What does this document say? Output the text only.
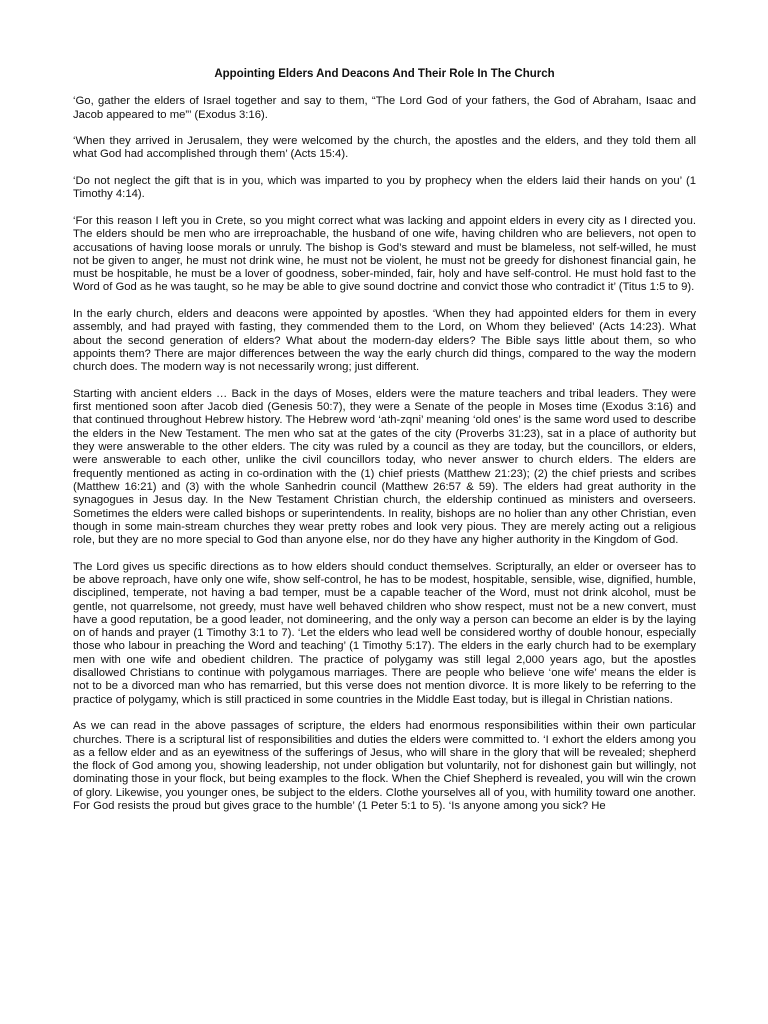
Appointing Elders And Deacons And Their Role In The Church

‘Go, gather the elders of Israel together and say to them, “The Lord God of your fathers, the God of Abraham, Isaac and Jacob appeared to me”’ (Exodus 3:16).

‘When they arrived in Jerusalem, they were welcomed by the church, the apostles and the elders, and they told them all what God had accomplished through them’ (Acts 15:4).

‘Do not neglect the gift that is in you, which was imparted to you by prophecy when the elders laid their hands on you’ (1 Timothy 4:14).

‘For this reason I left you in Crete, so you might correct what was lacking and appoint elders in every city as I directed you. The elders should be men who are irreproachable, the husband of one wife, having children who are believers, not open to accusations of having loose morals or unruly. The bishop is God’s steward and must be blameless, not self-willed, he must not be given to anger, he must not drink wine, he must not be violent, he must not be greedy for dishonest financial gain, he must be hospitable, he must be a lover of goodness, sober-minded, fair, holy and have self-control. He must hold fast to the Word of God as he was taught, so he may be able to give sound doctrine and convict those who contradict it’ (Titus 1:5 to 9).

In the early church, elders and deacons were appointed by apostles. ‘When they had appointed elders for them in every assembly, and had prayed with fasting, they commended them to the Lord, on Whom they believed’ (Acts 14:23). What about the second generation of elders? What about the modern-day elders? The Bible says little about them, so who appoints them? There are major differences between the way the early church did things, compared to the way the modern church does. The modern way is not necessarily wrong; just different.

Starting with ancient elders … Back in the days of Moses, elders were the mature teachers and tribal leaders. They were first mentioned soon after Jacob died (Genesis 50:7), they were a Senate of the people in Moses time (Exodus 3:16) and that continued throughout Hebrew history. The Hebrew word ‘ath-zqni’ meaning ‘old ones’ is the same word used to describe the elders in the New Testament. The men who sat at the gates of the city (Proverbs 31:23), sat in a place of authority but they were answerable to the other elders. The city was ruled by a council as they are today, but the councillors, or elders, were answerable to each other, unlike the civil councillors today, who never answer to church elders. The elders are frequently mentioned as acting in co-ordination with the (1) chief priests (Matthew 21:23); (2) the chief priests and scribes (Matthew 16:21) and (3) with the whole Sanhedrin council (Matthew 26:57 & 59). The elders had great authority in the synagogues in Jesus day. In the New Testament Christian church, the eldership continued as ministers and overseers. Sometimes the elders were called bishops or superintendents. In reality, bishops are no holier than any other Christian, even though in some main-stream churches they wear pretty robes and look very pious. They are merely acting out a religious role, but they are no more special to God than anyone else, nor do they have any higher authority in the Kingdom of God.

The Lord gives us specific directions as to how elders should conduct themselves. Scripturally, an elder or overseer has to be above reproach, have only one wife, show self-control, he has to be modest, hospitable, sensible, wise, dignified, humble, disciplined, temperate, not having a bad temper, must be a capable teacher of the Word, must not drink alcohol, must be gentle, not quarrelsome, not greedy, must have well behaved children who show respect, must not be a new convert, must have a good reputation, be a good leader, not domineering, and the only way a person can become an elder is by the laying on of hands and prayer (1 Timothy 3:1 to 7). ‘Let the elders who lead well be considered worthy of double honour, especially those who labour in preaching the Word and teaching’ (1 Timothy 5:17). The elders in the early church had to be exemplary men with one wife and obedient children. The practice of polygamy was still legal 2,000 years ago, but the apostles disallowed Christians to continue with polygamous marriages. There are people who believe ‘one wife’ means the elder is not to be a divorced man who has remarried, but this verse does not mention divorce. It is more likely to be referring to the practice of polygamy, which is still practiced in some countries in the Middle East today, but is illegal in Christian nations.

As we can read in the above passages of scripture, the elders had enormous responsibilities within their own particular churches. There is a scriptural list of responsibilities and duties the elders were committed to. ‘I exhort the elders among you as a fellow elder and as an eyewitness of the sufferings of Jesus, who will share in the glory that will be revealed; shepherd the flock of God among you, showing leadership, not under obligation but voluntarily, not for dishonest gain but willingly, not dominating those in your flock, but being examples to the flock. When the Chief Shepherd is revealed, you will win the crown of glory. Likewise, you younger ones, be subject to the elders. Clothe yourselves all of you, with humility toward one another. For God resists the proud but gives grace to the humble’ (1 Peter 5:1 to 5). ‘Is anyone among you sick? He
